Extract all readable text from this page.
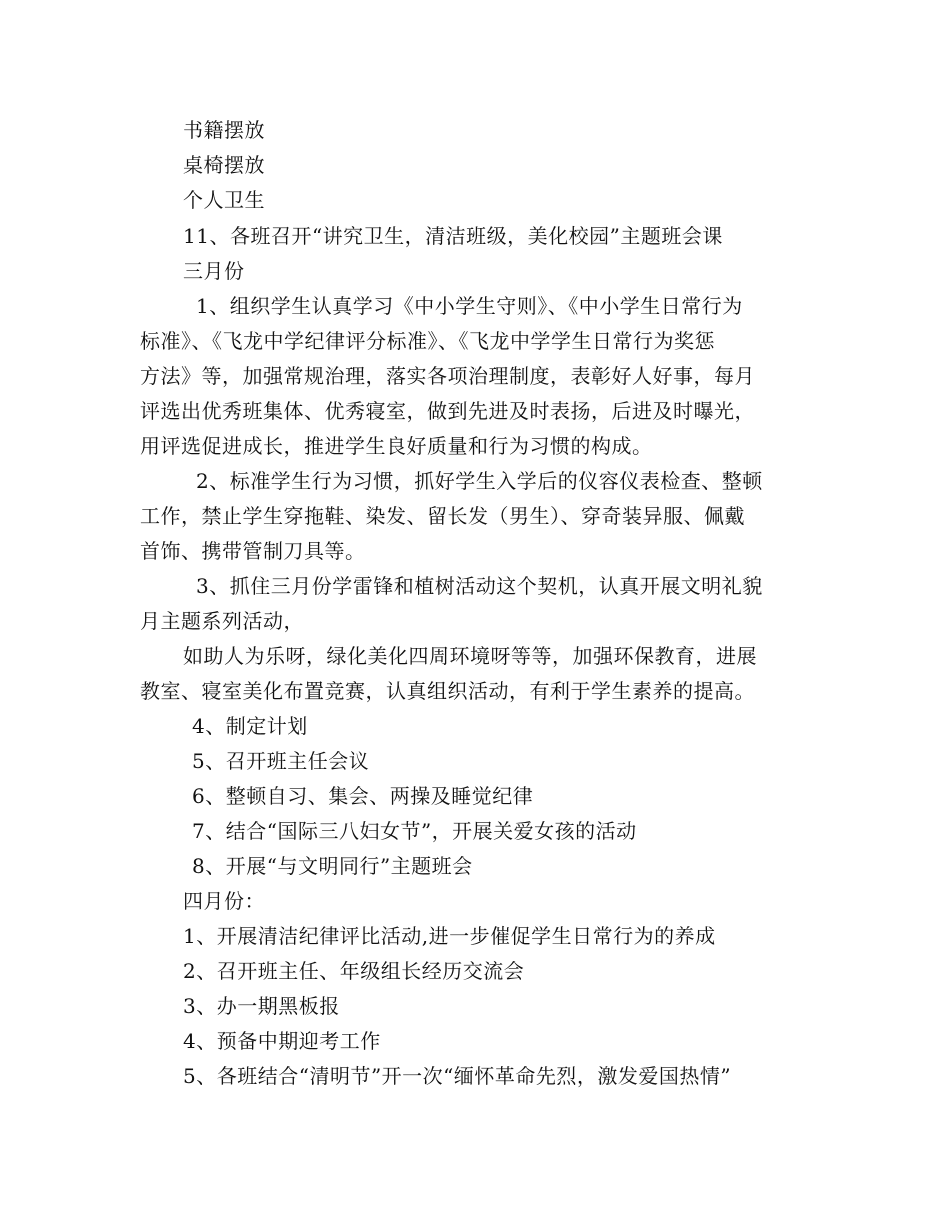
书籍摆放
桌椅摆放
个人卫生
11、各班召开“讲究卫生，清洁班级，美化校园”主题班会课
三月份
1、组织学生认真学习《中小学生守则》、《中小学生日常行为
标准》、《飞龙中学纪律评分标准》、《飞龙中学学生日常行为奖惩
方法》等，加强常规治理，落实各项治理制度，表彰好人好事，每月
评选出优秀班集体、优秀寝室，做到先进及时表扬，后进及时曝光，
用评选促进成长，推进学生良好质量和行为习惯的构成。
2、标准学生行为习惯，抓好学生入学后的仪容仪表检查、整顿
工作，禁止学生穿拖鞋、染发、留长发（男生）、穿奇装异服、佩戴
首饰、携带管制刀具等。
3、抓住三月份学雷锋和植树活动这个契机，认真开展文明礼貌
月主题系列活动，
如助人为乐呀，绿化美化四周环境呀等等，加强环保教育，进展
教室、寝室美化布置竞赛，认真组织活动，有利于学生素养的提高。
4、制定计划
5、召开班主任会议
6、整顿自习、集会、两操及睡觉纪律
7、结合“国际三八妇女节”，开展关爱女孩的活动
8、开展“与文明同行”主题班会
四月份：
1、开展清洁纪律评比活动,进一步催促学生日常行为的养成
2、召开班主任、年级组长经历交流会
3、办一期黑板报
4、预备中期迎考工作
5、各班结合“清明节”开一次“缅怀革命先烈，激发爱国热情”
